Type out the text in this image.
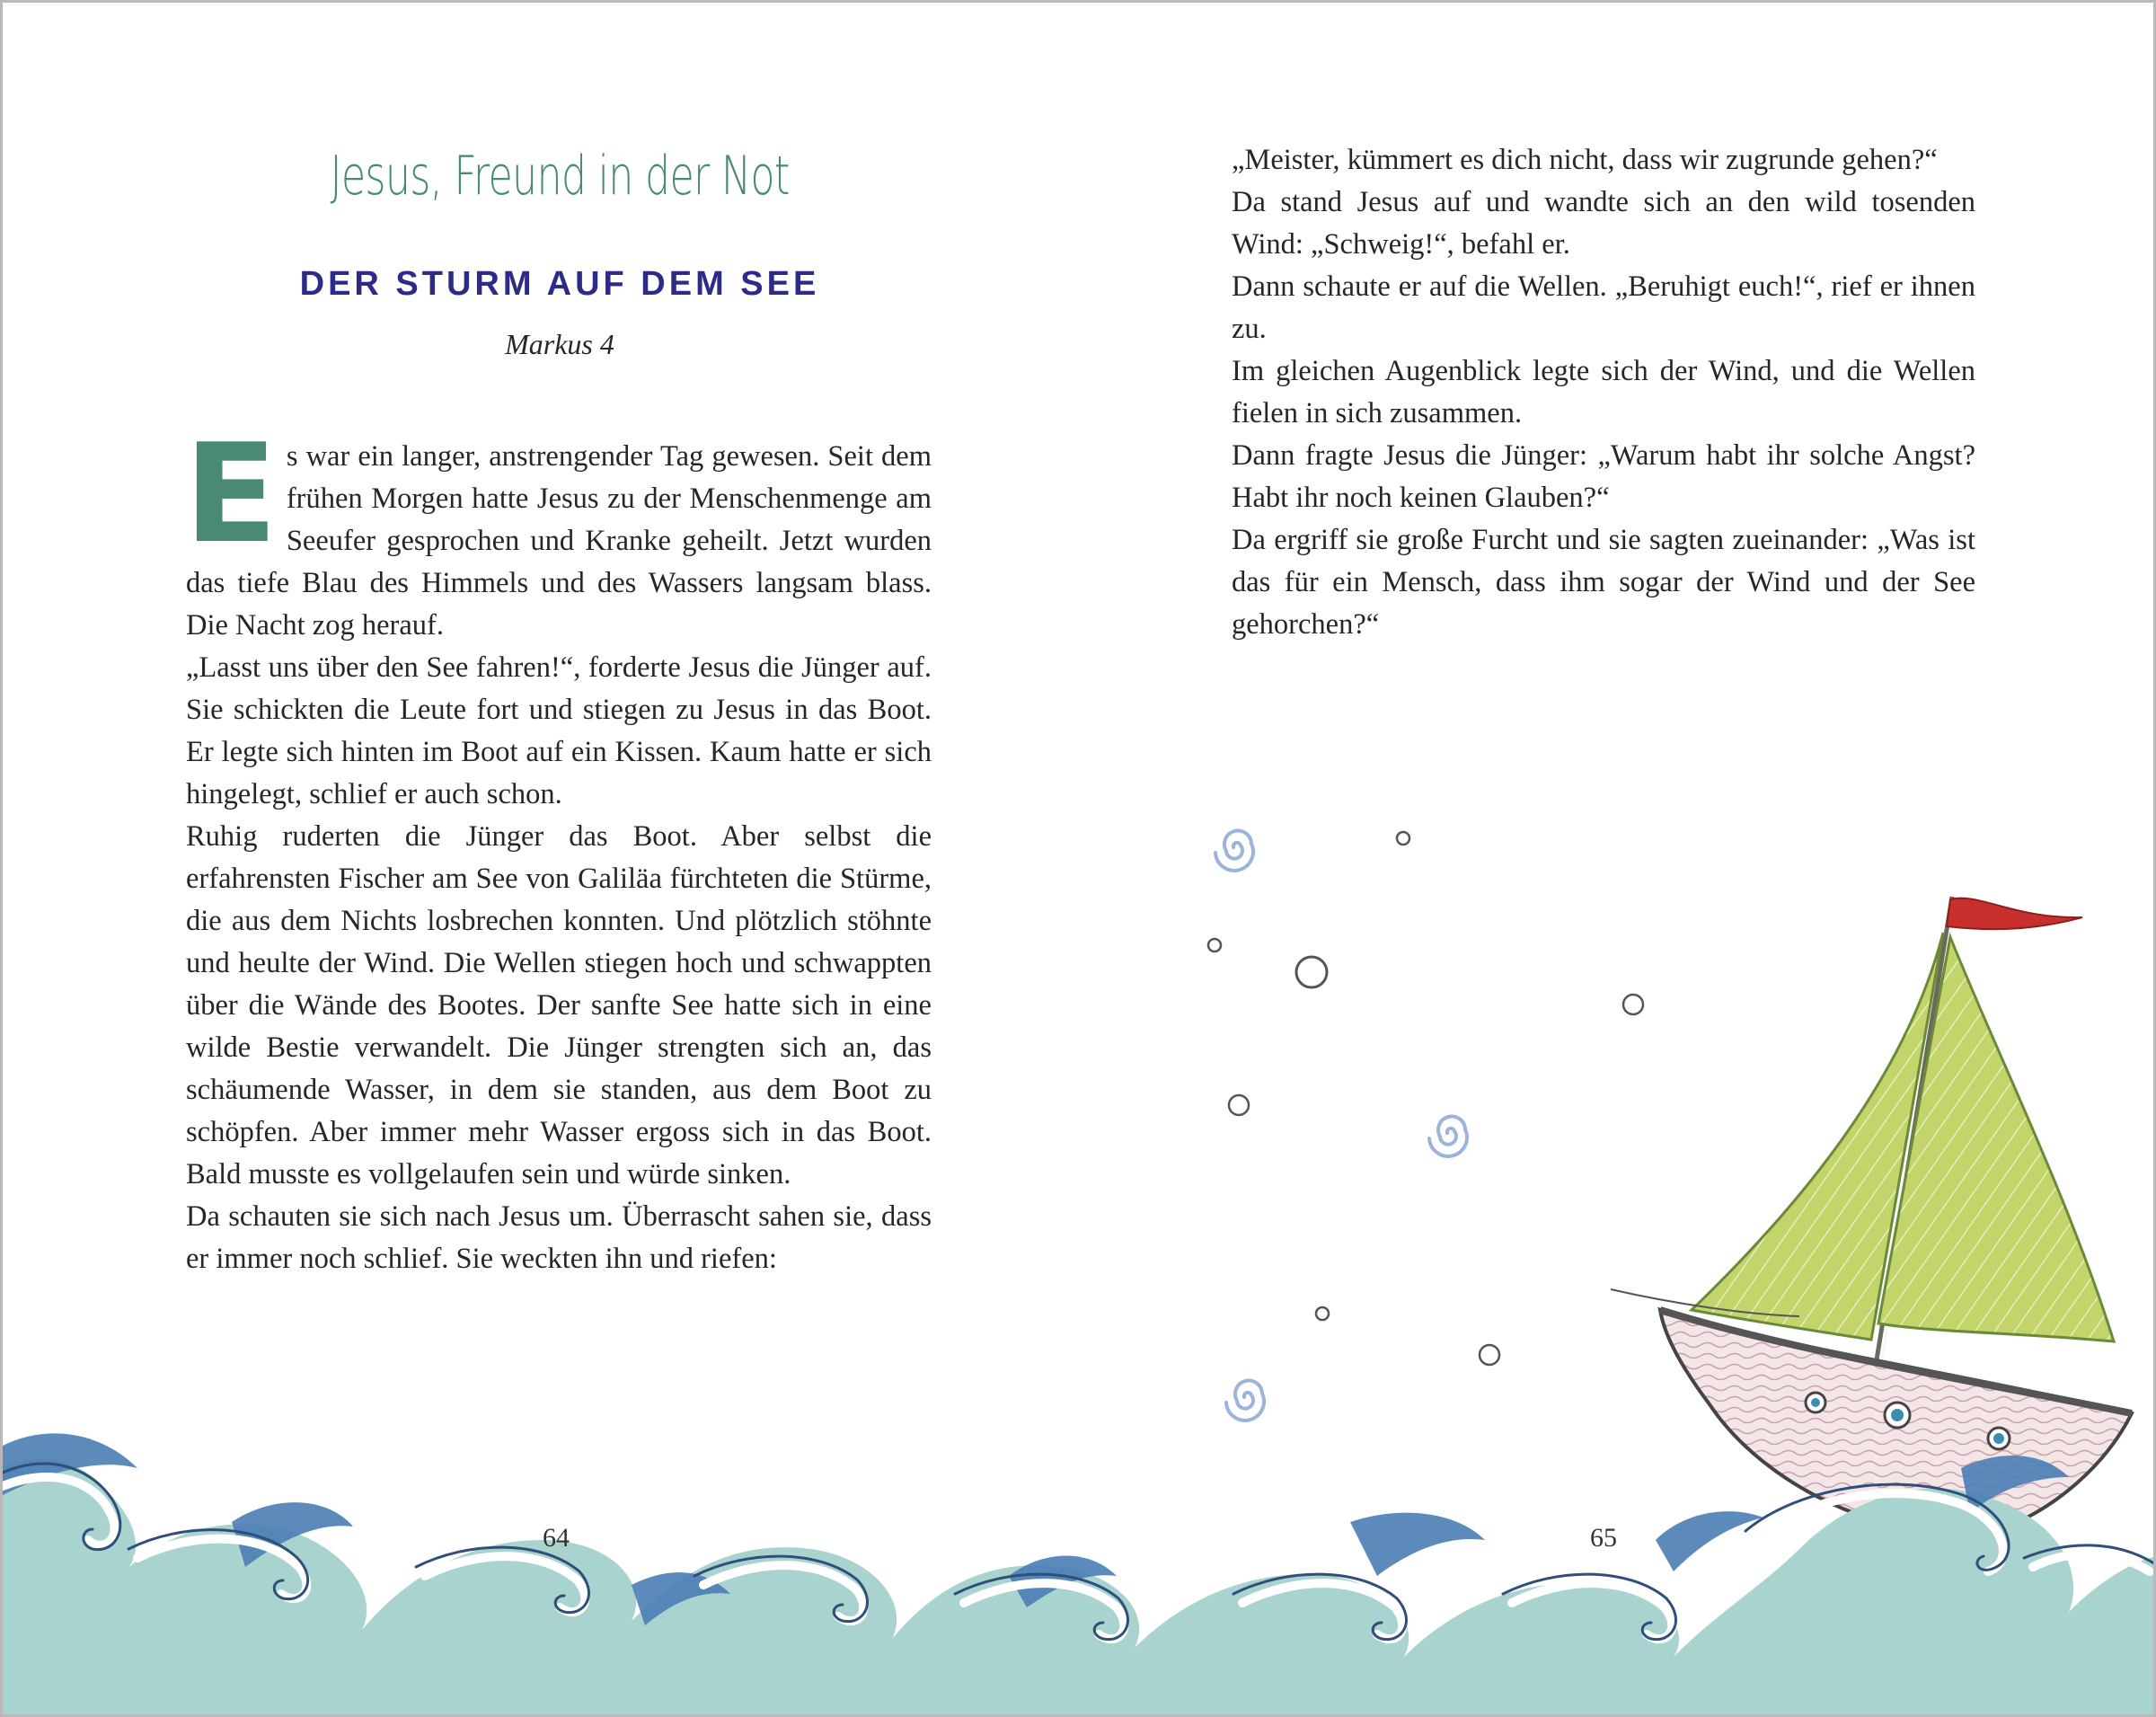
Jesus, Freund in der Not
DER STURM AUF DEM SEE
Markus 4

Es war ein langer, anstrengender Tag gewesen. Seit dem frühen Morgen hatte Jesus zu der Menschenmenge am Seeufer gesprochen und Kranke geheilt. Jetzt wurden das tiefe Blau des Himmels und des Wassers langsam blass. Die Nacht zog herauf.

„Lasst uns über den See fahren!“, forderte Jesus die Jünger auf. Sie schickten die Leute fort und stiegen zu Jesus in das Boot. Er legte sich hinten im Boot auf ein Kissen. Kaum hatte er sich hingelegt, schlief er auch schon.

Ruhig ruderten die Jünger das Boot. Aber selbst die erfahrensten Fischer am See von Galiläa fürchteten die Stürme, die aus dem Nichts losbrechen konnten. Und plötzlich stöhnte und heulte der Wind. Die Wellen stiegen hoch und schwappten über die Wände des Bootes. Der sanfte See hatte sich in eine wilde Bestie verwandelt. Die Jünger strengten sich an, das schäumende Wasser, in dem sie standen, aus dem Boot zu schöpfen. Aber immer mehr Wasser ergoss sich in das Boot. Bald musste es vollgelaufen sein und würde sinken.

Da schauten sie sich nach Jesus um. Überrascht sahen sie, dass er immer noch schlief. Sie weckten ihn und riefen:

„Meister, kümmert es dich nicht, dass wir zugrunde gehen?“

Da stand Jesus auf und wandte sich an den wild tosenden Wind: „Schweig!“, befahl er.

Dann schaute er auf die Wellen. „Beruhigt euch!“, rief er ihnen zu.

Im gleichen Augenblick legte sich der Wind, und die Wellen fielen in sich zusammen.

Dann fragte Jesus die Jünger: „Warum habt ihr solche Angst? Habt ihr noch keinen Glauben?“

Da ergriff sie große Furcht und sie sagten zueinander: „Was ist das für ein Mensch, dass ihm sogar der Wind und der See gehorchen?“

64	65
